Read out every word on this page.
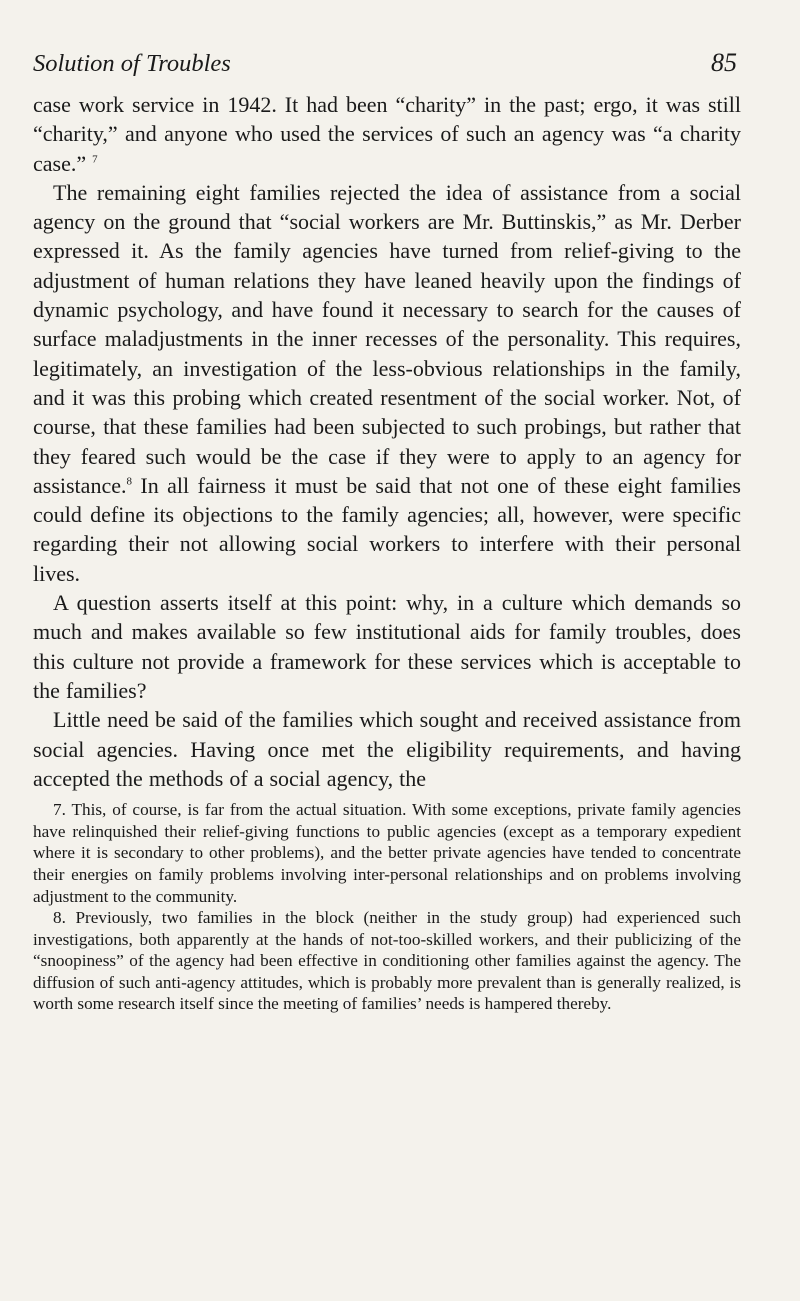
Solution of Troubles	85

case work service in 1942. It had been “charity” in the past; ergo, it was still “charity,” and anyone who used the services of such an agency was “a charity case.” $^7$

The remaining eight families rejected the idea of assistance from a social agency on the ground that “social workers are Mr. Buttinskis,” as Mr. Derber expressed it. As the family agencies have turned from relief-giving to the adjustment of human relations they have leaned heavily upon the findings of dynamic psychology, and have found it necessary to search for the causes of surface maladjustments in the inner recesses of the personality. This requires, legitimately, an investigation of the less-obvious relationships in the family, and it was this probing which created resentment of the social worker. Not, of course, that these families had been subjected to such probings, but rather that they feared such would be the case if they were to apply to an agency for assistance.$^8$ In all fairness it must be said that not one of these eight families could define its objections to the family agencies; all, however, were specific regarding their not allowing social workers to interfere with their personal lives.

A question asserts itself at this point: why, in a culture which demands so much and makes available so few institutional aids for family troubles, does this culture not provide a framework for these services which is acceptable to the families?

Little need be said of the families which sought and received assistance from social agencies. Having once met the eligibility requirements, and having accepted the methods of a social agency, the

7. This, of course, is far from the actual situation. With some exceptions, private family agencies have relinquished their relief-giving functions to public agencies (except as a temporary expedient where it is secondary to other problems), and the better private agencies have tended to concentrate their energies on family problems involving inter-personal relationships and on problems involving adjustment to the community.

8. Previously, two families in the block (neither in the study group) had experienced such investigations, both apparently at the hands of not-too-skilled workers, and their publicizing of the “snoopiness” of the agency had been effective in conditioning other families against the agency. The diffusion of such anti-agency attitudes, which is probably more prevalent than is generally realized, is worth some research itself since the meeting of families’ needs is hampered thereby.
